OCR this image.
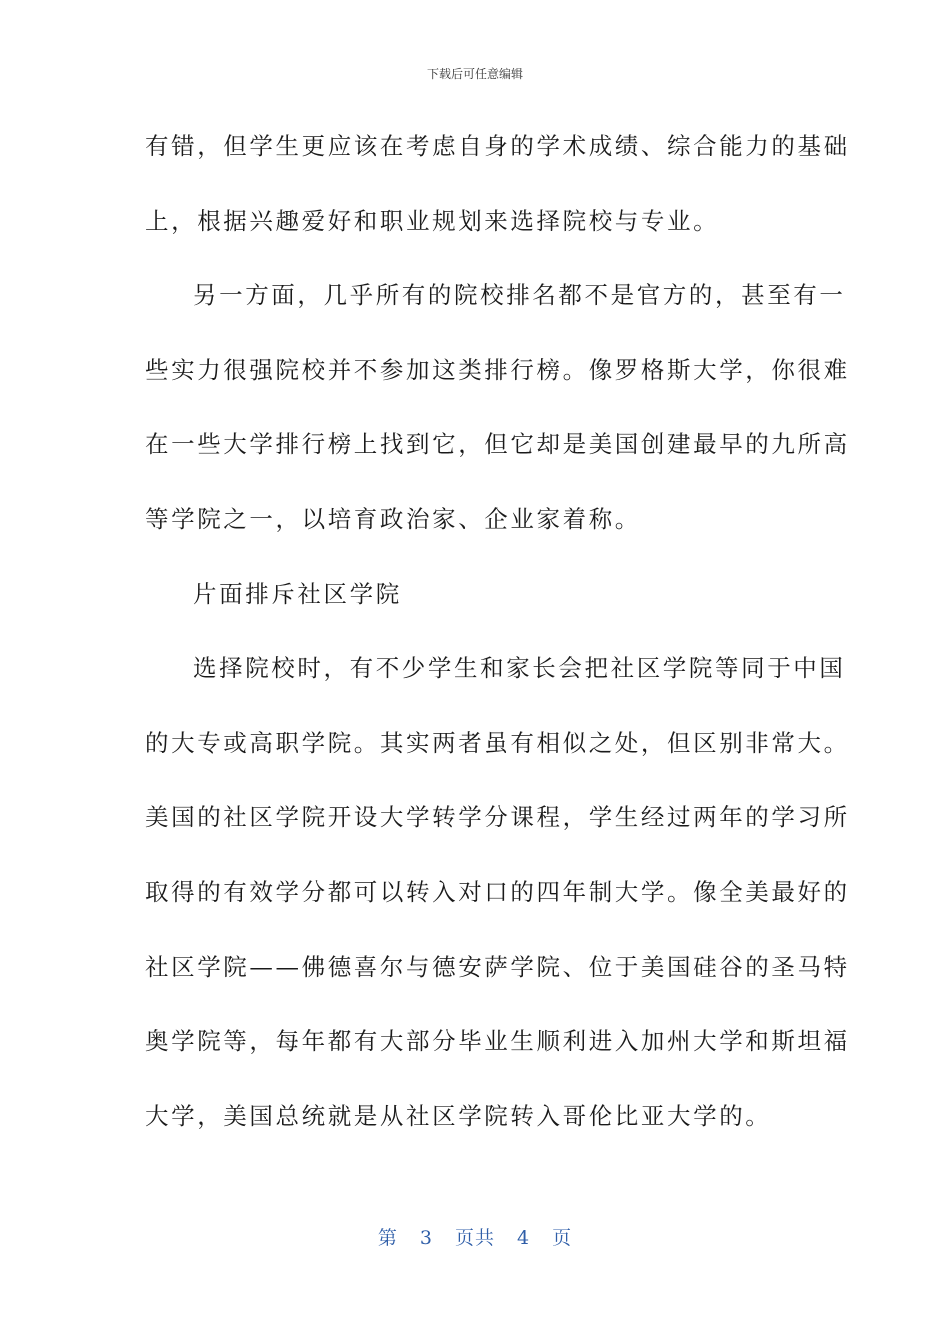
下载后可任意编辑
有错，但学生更应该在考虑自身的学术成绩、综合能力的基础
上，根据兴趣爱好和职业规划来选择院校与专业。
另一方面，几乎所有的院校排名都不是官方的，甚至有一
些实力很强院校并不参加这类排行榜。像罗格斯大学，你很难
在一些大学排行榜上找到它，但它却是美国创建最早的九所高
等学院之一，以培育政治家、企业家着称。
片面排斥社区学院
选择院校时，有不少学生和家长会把社区学院等同于中国
的大专或高职学院。其实两者虽有相似之处，但区别非常大。
美国的社区学院开设大学转学分课程，学生经过两年的学习所
取得的有效学分都可以转入对口的四年制大学。像全美最好的
社区学院——佛德喜尔与德安萨学院、位于美国硅谷的圣马特
奥学院等，每年都有大部分毕业生顺利进入加州大学和斯坦福
大学，美国总统就是从社区学院转入哥伦比亚大学的。
第 3 页共 4 页
